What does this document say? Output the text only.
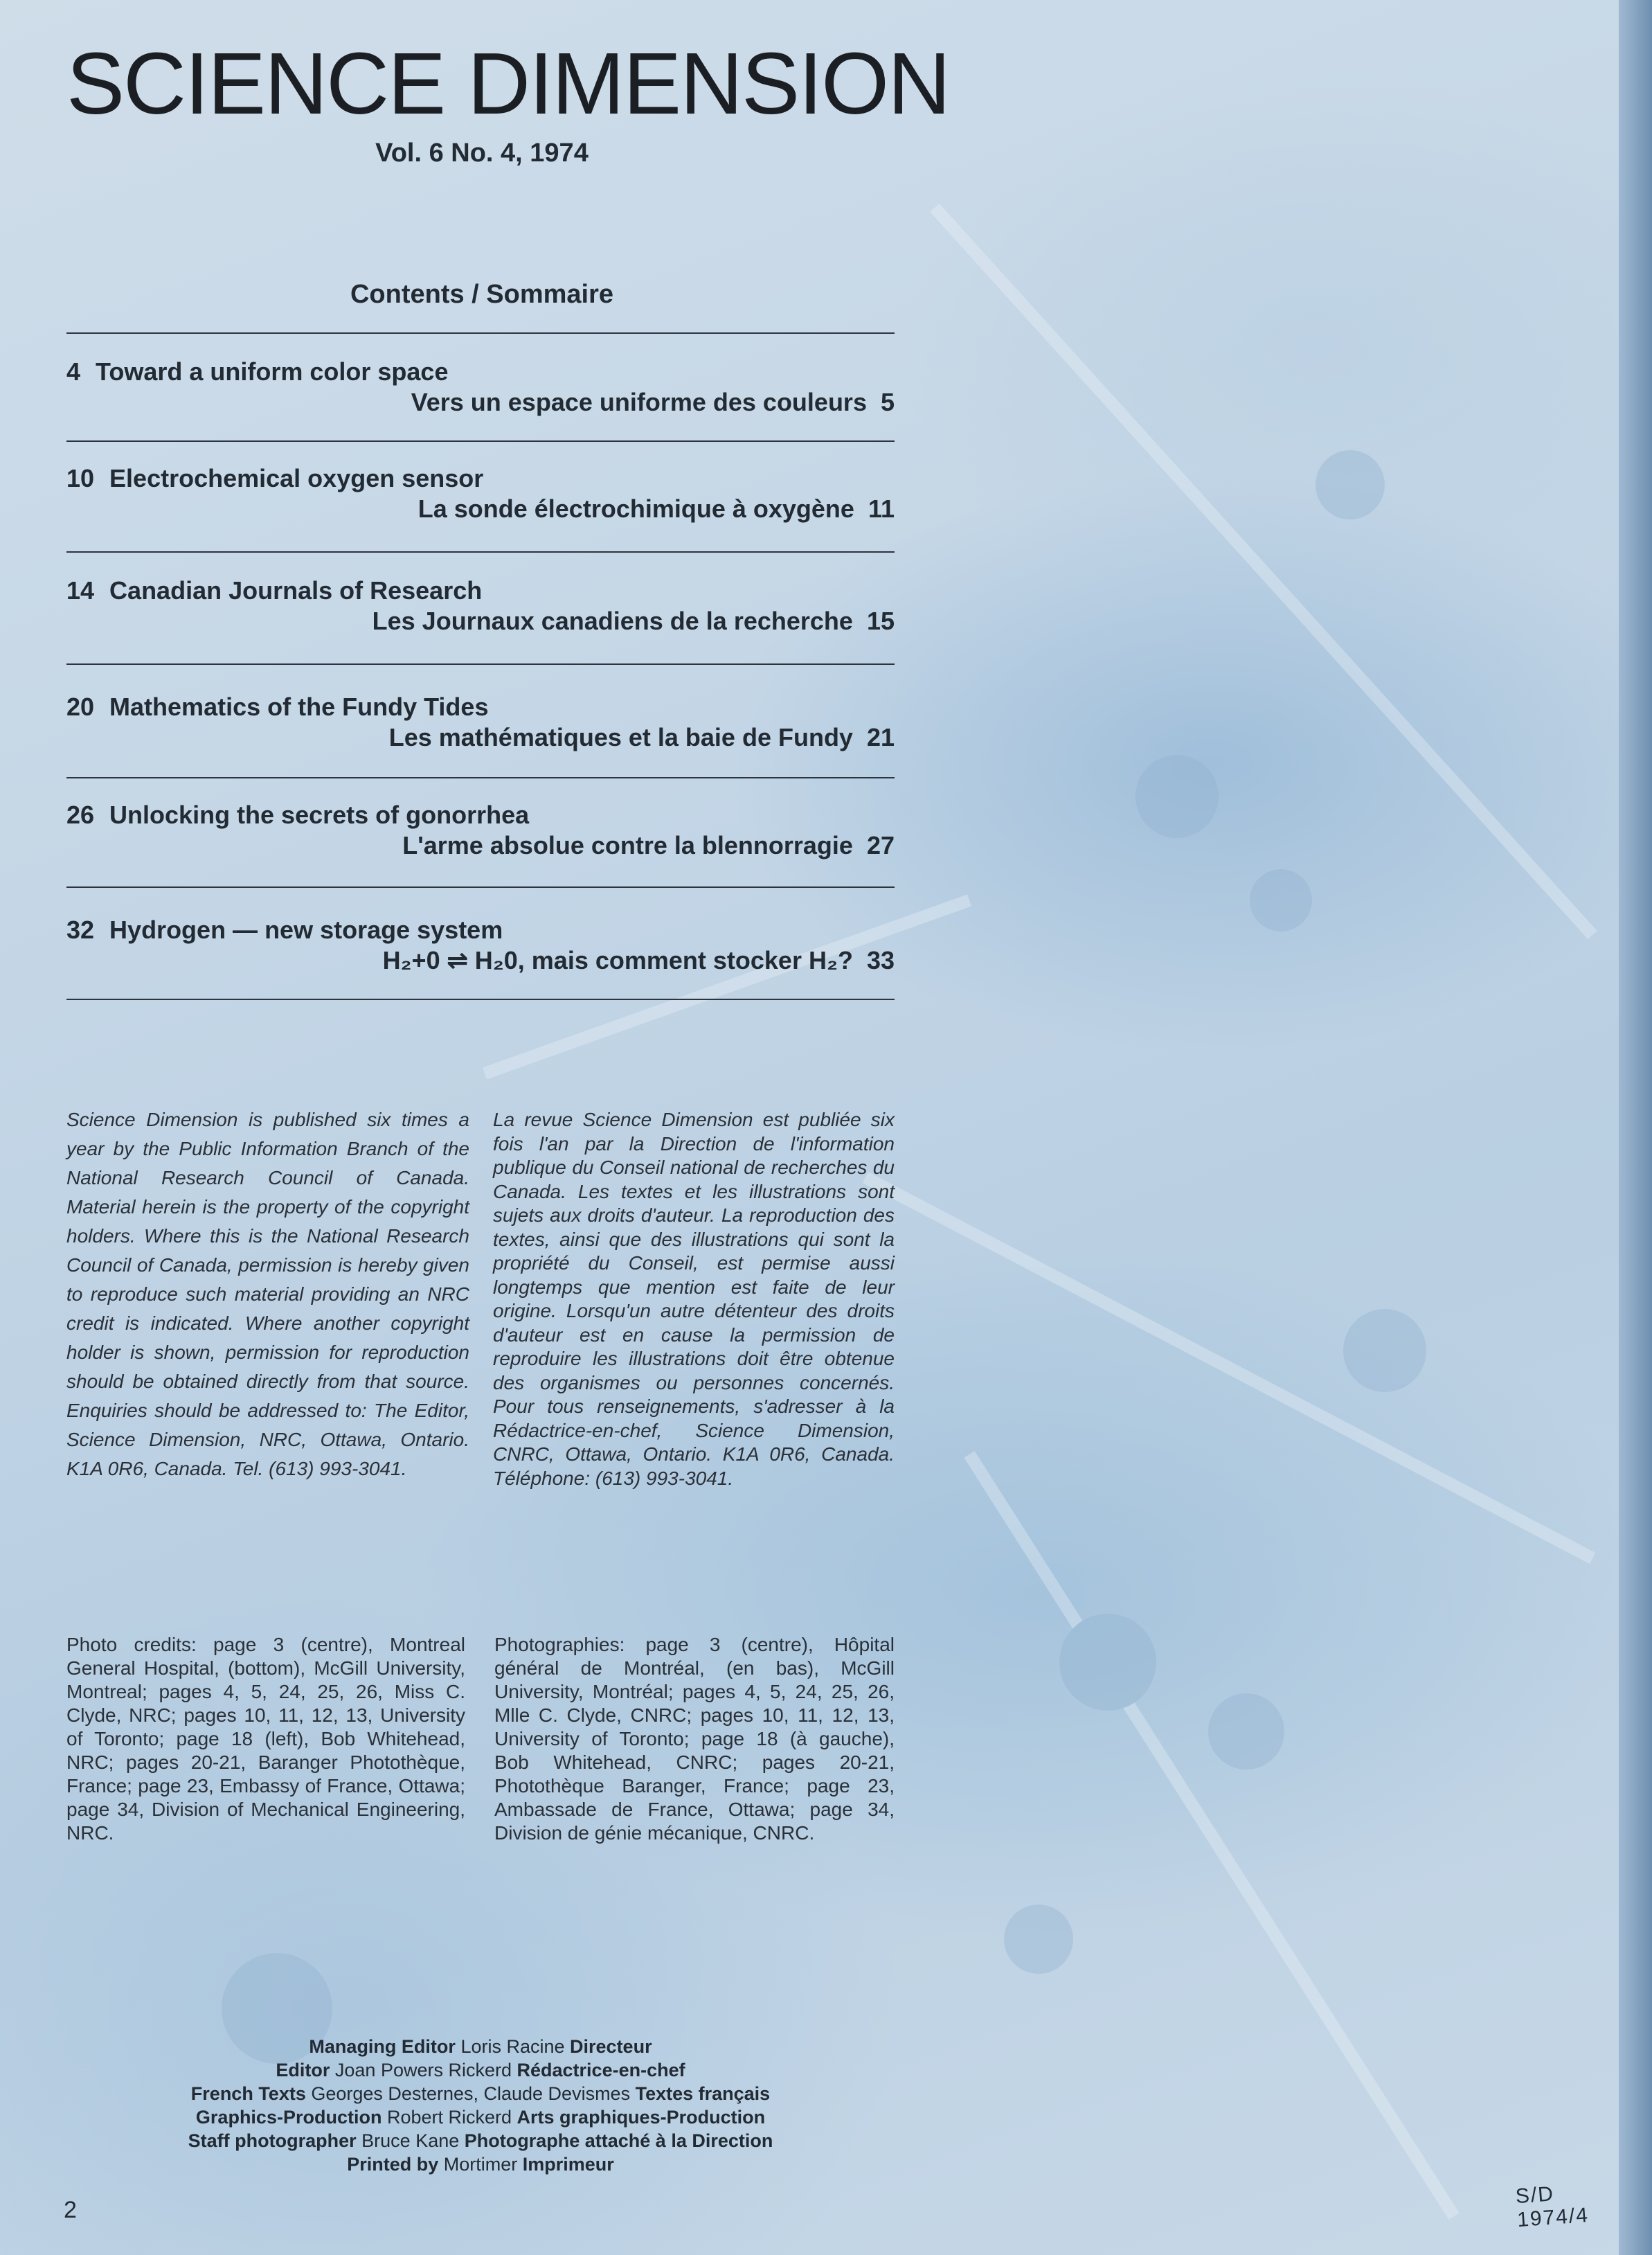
SCIENCE DIMENSION
Vol. 6 No. 4, 1974
Contents / Sommaire
4 Toward a uniform color space
Vers un espace uniforme des couleurs 5
10 Electrochemical oxygen sensor
La sonde électrochimique à oxygène 11
14 Canadian Journals of Research
Les Journaux canadiens de la recherche 15
20 Mathematics of the Fundy Tides
Les mathématiques et la baie de Fundy 21
26 Unlocking the secrets of gonorrhea
L'arme absolue contre la blennorragie 27
32 Hydrogen — new storage system
H₂+0 ⇌ H₂0, mais comment stocker H₂? 33
Science Dimension is published six times a year by the Public Information Branch of the National Research Council of Canada. Material herein is the property of the copyright holders. Where this is the National Research Council of Canada, permission is hereby given to reproduce such material providing an NRC credit is indicated. Where another copyright holder is shown, permission for reproduction should be obtained directly from that source. Enquiries should be addressed to: The Editor, Science Dimension, NRC, Ottawa, Ontario. K1A 0R6, Canada. Tel. (613) 993-3041.
La revue Science Dimension est publiée six fois l'an par la Direction de l'information publique du Conseil national de recherches du Canada. Les textes et les illustrations sont sujets aux droits d'auteur. La reproduction des textes, ainsi que des illustrations qui sont la propriété du Conseil, est permise aussi longtemps que mention est faite de leur origine. Lorsqu'un autre détenteur des droits d'auteur est en cause la permission de reproduire les illustrations doit être obtenue des organismes ou personnes concernés. Pour tous renseignements, s'adresser à la Rédactrice-en-chef, Science Dimension, CNRC, Ottawa, Ontario. K1A 0R6, Canada. Téléphone: (613) 993-3041.
Photo credits: page 3 (centre), Montreal General Hospital, (bottom), McGill University, Montreal; pages 4, 5, 24, 25, 26, Miss C. Clyde, NRC; pages 10, 11, 12, 13, University of Toronto; page 18 (left), Bob Whitehead, NRC; pages 20-21, Baranger Photothèque, France; page 23, Embassy of France, Ottawa; page 34, Division of Mechanical Engineering, NRC.
Photographies: page 3 (centre), Hôpital général de Montréal, (en bas), McGill University, Montréal; pages 4, 5, 24, 25, 26, Mlle C. Clyde, CNRC; pages 10, 11, 12, 13, University of Toronto; page 18 (à gauche), Bob Whitehead, CNRC; pages 20-21, Photothèque Baranger, France; page 23, Ambassade de France, Ottawa; page 34, Division de génie mécanique, CNRC.
Managing Editor Loris Racine Directeur
Editor Joan Powers Rickerd Rédactrice-en-chef
French Texts Georges Desternes, Claude Devismes Textes français
Graphics-Production Robert Rickerd Arts graphiques-Production
Staff photographer Bruce Kane Photographe attaché à la Direction
Printed by Mortimer Imprimeur
2
S/D 1974/4
